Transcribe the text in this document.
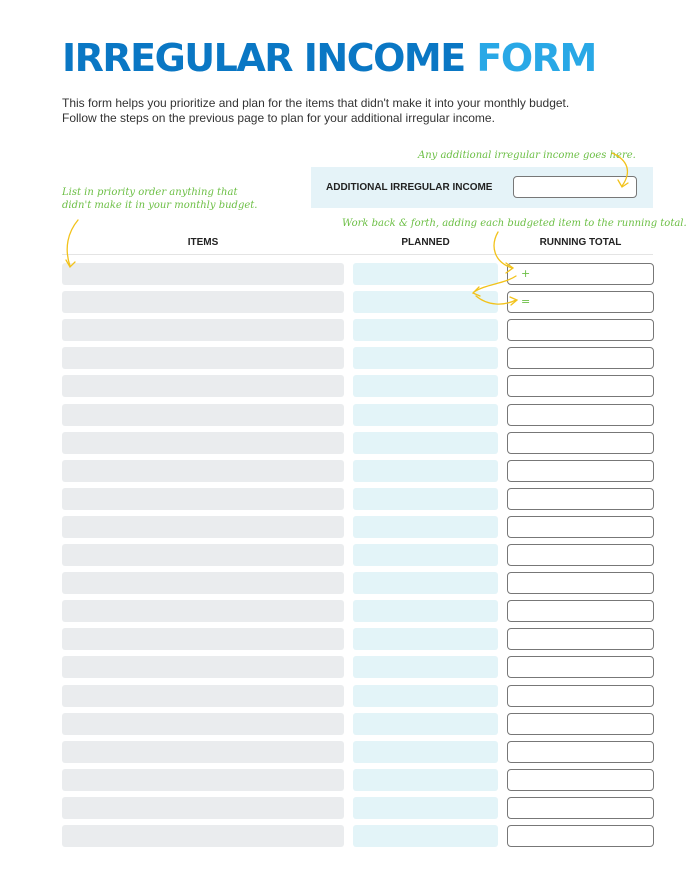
IRREGULAR INCOME FORM

This form helps you prioritize and plan for the items that didn't make it into your monthly budget.
Follow the steps on the previous page to plan for your additional irregular income.

Any additional irregular income goes here.
List in priority order anything that
didn't make it in your monthly budget.
Work back & forth, adding each budgeted item to the running total.
ADDITIONAL IRREGULAR INCOME
ITEMS	PLANNED	RUNNING TOTAL
+
=
